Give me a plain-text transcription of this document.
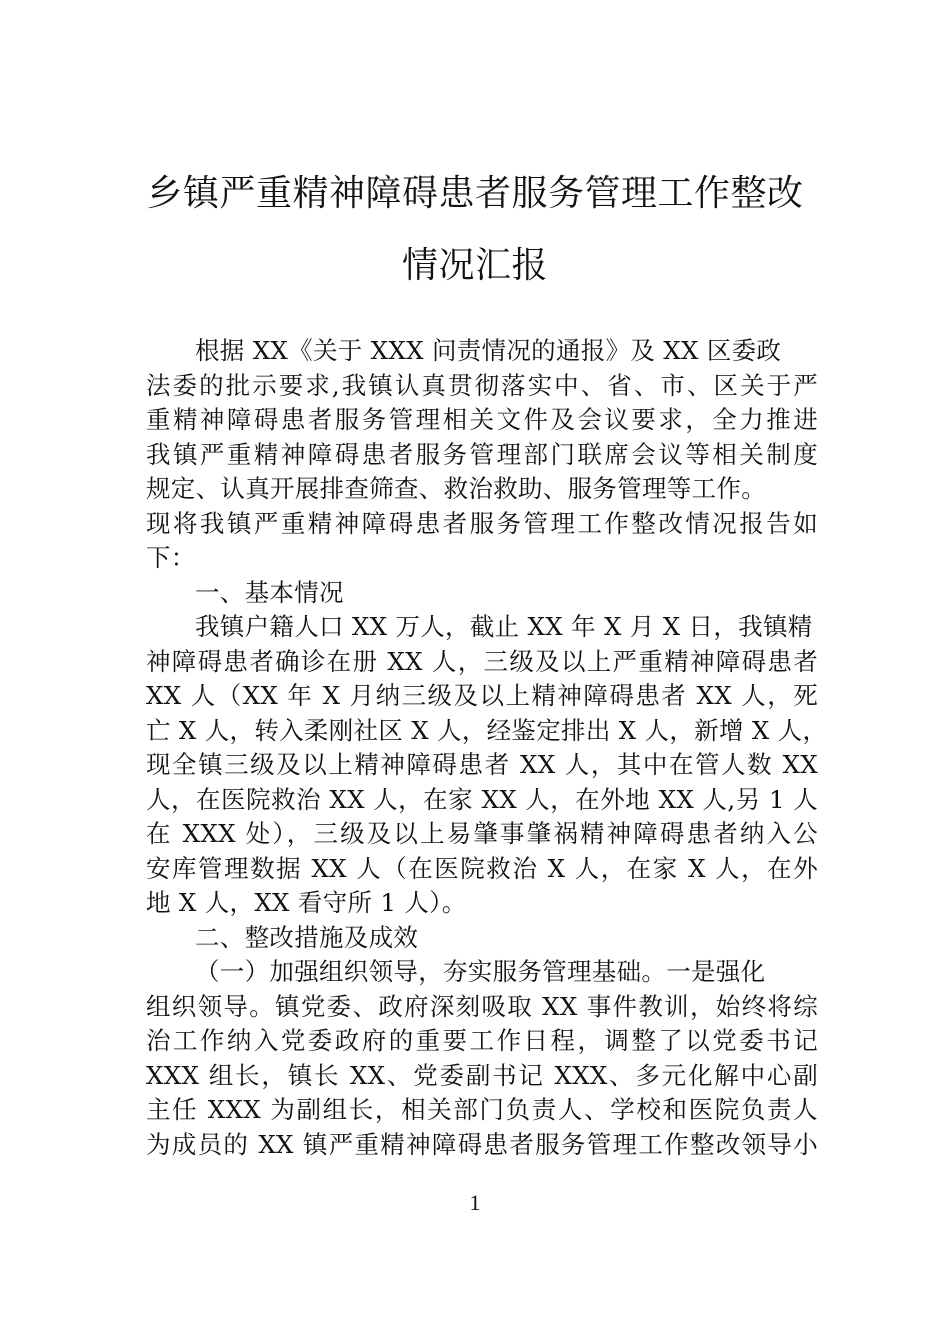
乡镇严重精神障碍患者服务管理工作整改
情况汇报
根据 XX《关于 XXX 问责情况的通报》及 XX 区委政
法委的批示要求,我镇认真贯彻落实中、省、市、区关于严
重精神障碍患者服务管理相关文件及会议要求，全力推进
我镇严重精神障碍患者服务管理部门联席会议等相关制度
规定、认真开展排查筛查、救治救助、服务管理等工作。
现将我镇严重精神障碍患者服务管理工作整改情况报告如
下：
一、基本情况
我镇户籍人口 XX 万人，截止 XX 年 X 月 X 日，我镇精
神障碍患者确诊在册 XX 人，三级及以上严重精神障碍患者
XX 人（XX 年 X 月纳三级及以上精神障碍患者 XX 人，死
亡 X 人，转入柔刚社区 X 人，经鉴定排出 X 人，新增 X 人，
现全镇三级及以上精神障碍患者 XX 人，其中在管人数 XX
人，在医院救治 XX 人，在家 XX 人，在外地 XX 人,另 1 人
在 XXX 处），三级及以上易肇事肇祸精神障碍患者纳入公
安库管理数据 XX 人（在医院救治 X 人，在家 X 人，在外
地 X 人，XX 看守所 1 人）。
二、整改措施及成效
（一）加强组织领导，夯实服务管理基础。一是强化
组织领导。镇党委、政府深刻吸取 XX 事件教训，始终将综
治工作纳入党委政府的重要工作日程，调整了以党委书记
XXX 组长，镇长 XX、党委副书记 XXX、多元化解中心副
主任 XXX 为副组长，相关部门负责人、学校和医院负责人
为成员的 XX 镇严重精神障碍患者服务管理工作整改领导小
1
